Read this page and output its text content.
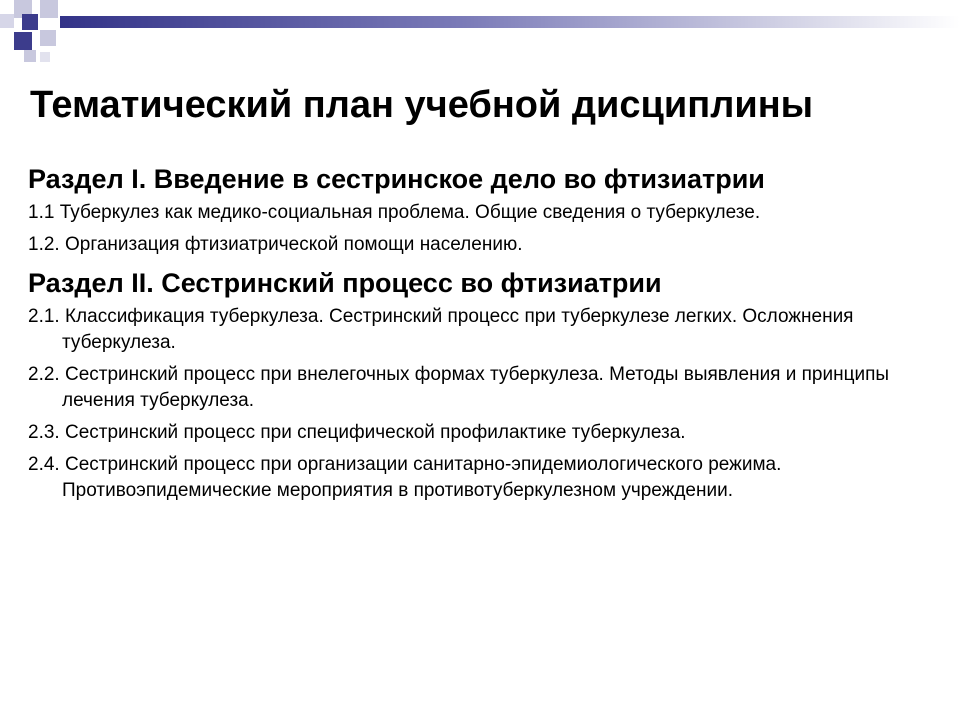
Тематический план учебной дисциплины
Раздел I. Введение в сестринское дело во фтизиатрии

1.1 Туберкулез как медико-социальная проблема. Общие сведения о туберкулезе.

1.2. Организация фтизиатрической помощи населению.

Раздел II. Сестринский процесс во фтизиатрии

2.1. Классификация туберкулеза. Сестринский процесс при туберкулезе легких. Осложнения туберкулеза.

2.2. Сестринский процесс при внелегочных формах туберкулеза. Методы выявления и принципы лечения туберкулеза.

2.3. Сестринский процесс при специфической профилактике туберкулеза.

2.4. Сестринский процесс при организации санитарно-эпидемиологического режима. Противоэпидемические мероприятия в противотуберкулезном учреждении.
